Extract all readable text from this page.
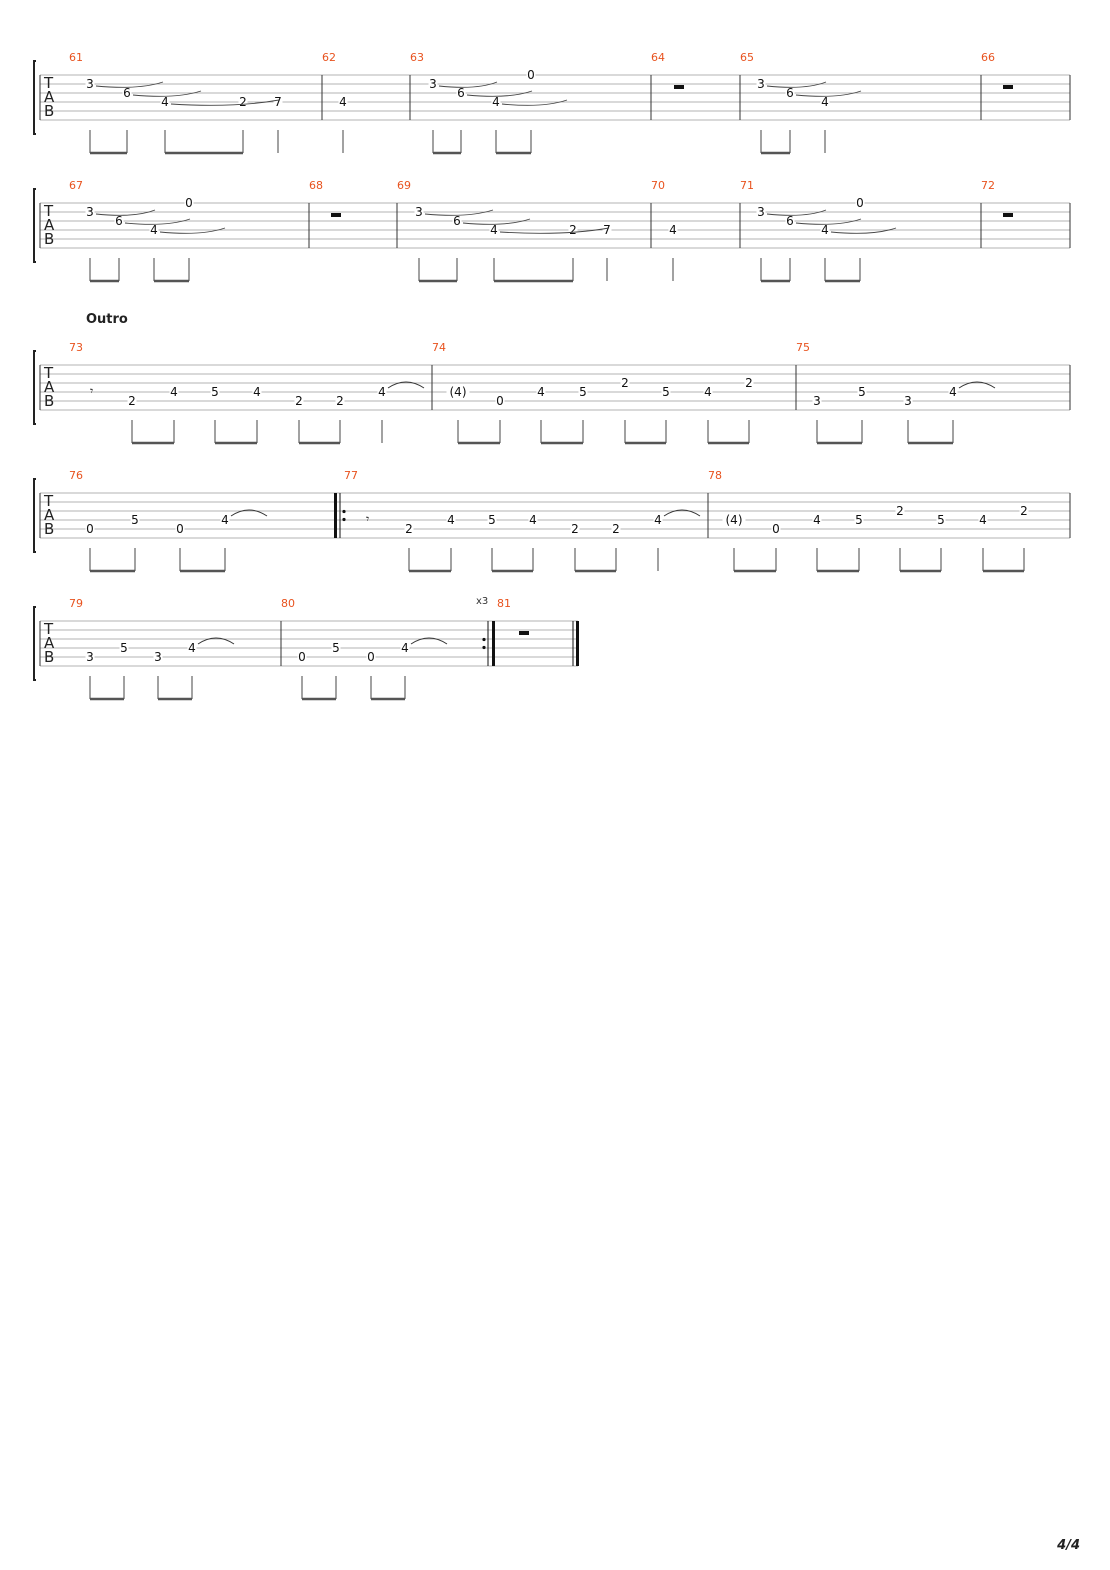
T
A
B
T
A
B
T
A
B
T
A
B
T
A
B
Outro
x3
61
3
6
4	2 7
62
4
63
3
6
4
0
64	65
3
6
4
66
67
3
6
4
0
68	69
3
6
4	2 7
70
4
71
3
6
4
0
72
73
2
4	5	4
2	2
4
74
(4)
0
4	5
2
5	4
2
75
3
5
3
4
76
0
5
0
4
77
2
4	5	4
2	2
4
78
(4)
0
4	5
2
5	4
2
79
3
5
3
4
80
0
5
0
4
81
𝄾
𝄾
4/4
